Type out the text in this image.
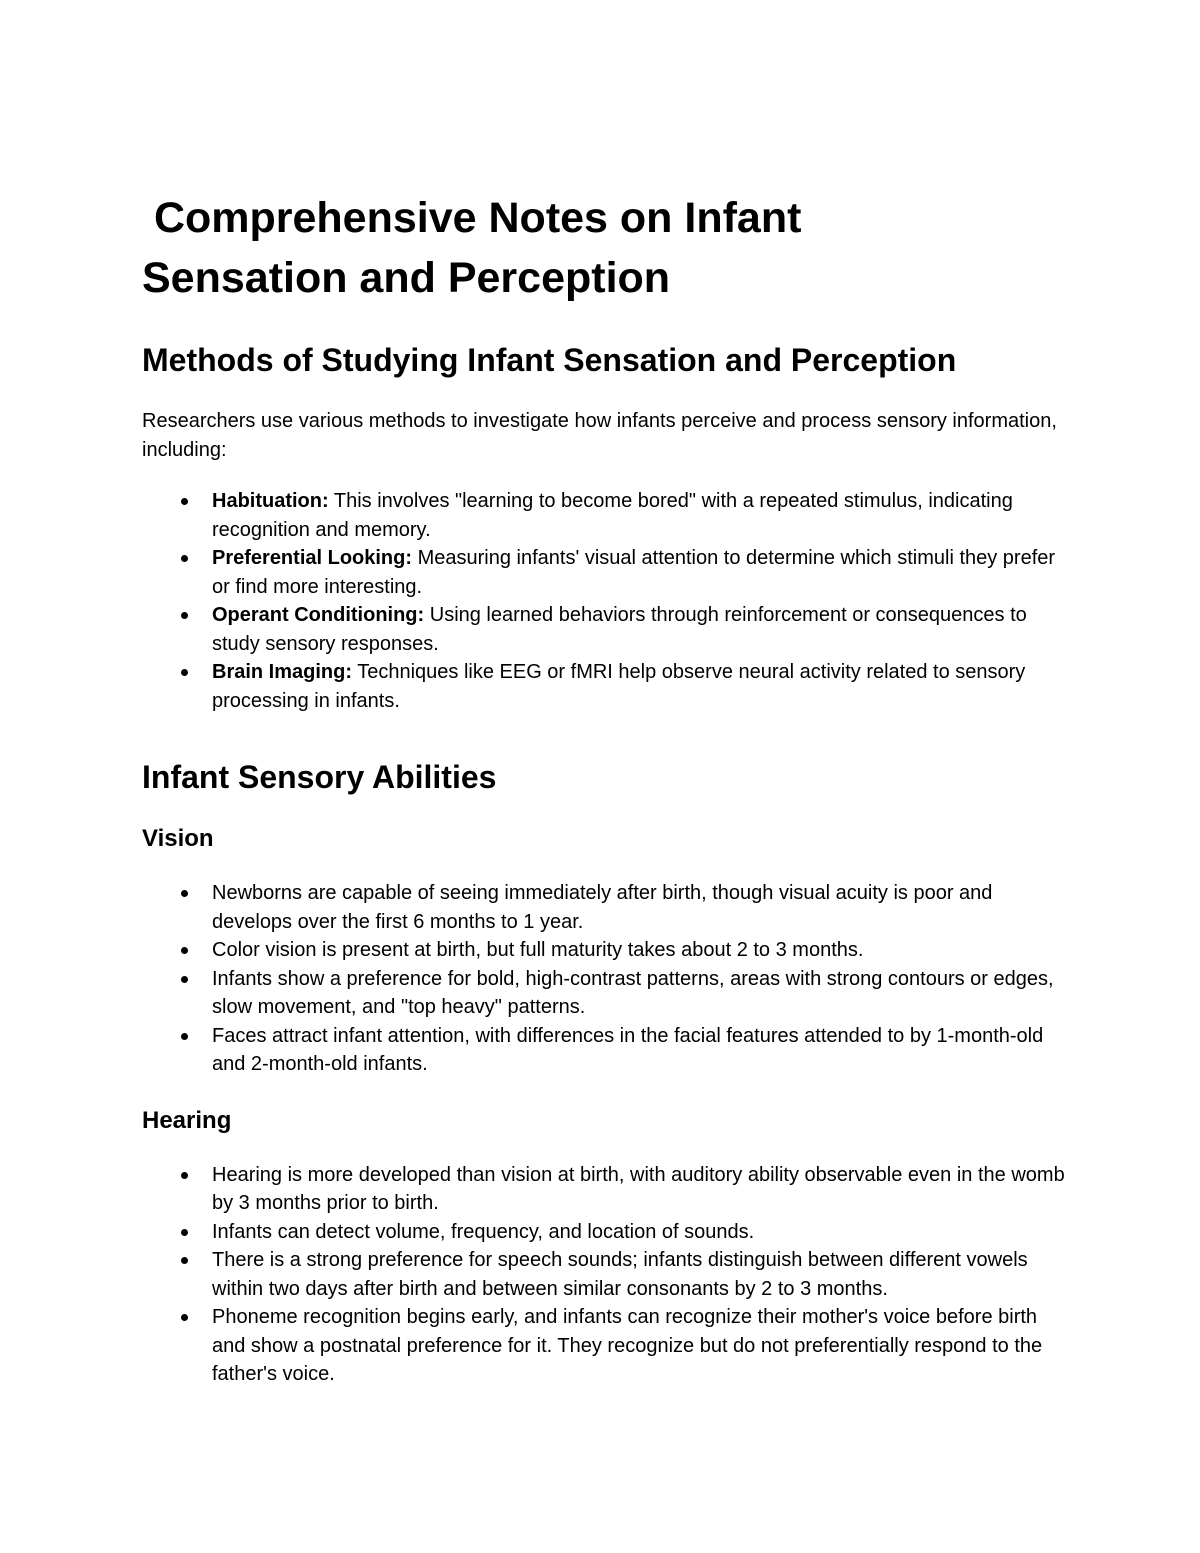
Comprehensive Notes on Infant
Sensation and Perception
Methods of Studying Infant Sensation and Perception

Researchers use various methods to investigate how infants perceive and process sensory information, including:

Habituation: This involves "learning to become bored" with a repeated stimulus, indicating recognition and memory.
Preferential Looking: Measuring infants' visual attention to determine which stimuli they prefer or find more interesting.
Operant Conditioning: Using learned behaviors through reinforcement or consequences to study sensory responses.
Brain Imaging: Techniques like EEG or fMRI help observe neural activity related to sensory processing in infants.
Infant Sensory Abilities
Vision
Newborns are capable of seeing immediately after birth, though visual acuity is poor and develops over the first 6 months to 1 year.
Color vision is present at birth, but full maturity takes about 2 to 3 months.
Infants show a preference for bold, high-contrast patterns, areas with strong contours or edges, slow movement, and "top heavy" patterns.
Faces attract infant attention, with differences in the facial features attended to by 1-month-old and 2-month-old infants.
Hearing
Hearing is more developed than vision at birth, with auditory ability observable even in the womb by 3 months prior to birth.
Infants can detect volume, frequency, and location of sounds.
There is a strong preference for speech sounds; infants distinguish between different vowels within two days after birth and between similar consonants by 2 to 3 months.
Phoneme recognition begins early, and infants can recognize their mother's voice before birth and show a postnatal preference for it. They recognize but do not preferentially respond to the father's voice.
